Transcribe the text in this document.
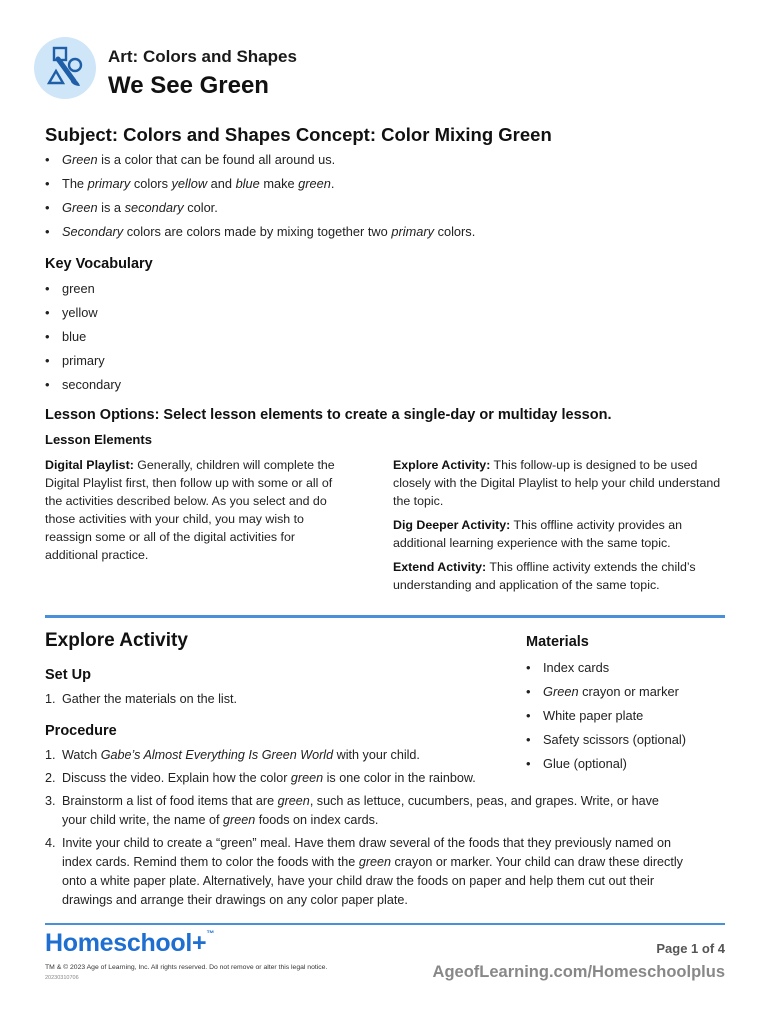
Art: Colors and Shapes
We See Green
Subject: Colors and Shapes Concept: Color Mixing Green
• Green is a color that can be found all around us.
• The primary colors yellow and blue make green.
• Green is a secondary color.
• Secondary colors are colors made by mixing together two primary colors.
Key Vocabulary
• green
• yellow
• blue
• primary
• secondary
Lesson Options: Select lesson elements to create a single-day or multiday lesson.
Lesson Elements
Digital Playlist: Generally, children will complete the Digital Playlist first, then follow up with some or all of the activities described below. As you select and do those activities with your child, you may wish to reassign some or all of the digital activities for additional practice.
Explore Activity: This follow-up is designed to be used closely with the Digital Playlist to help your child understand the topic.
Dig Deeper Activity: This offline activity provides an additional learning experience with the same topic.
Extend Activity: This offline activity extends the child’s understanding and application of the same topic.
Explore Activity
Set Up
1. Gather the materials on the list.
Procedure
1. Watch Gabe’s Almost Everything Is Green World with your child.
2. Discuss the video. Explain how the color green is one color in the rainbow.
3. Brainstorm a list of food items that are green, such as lettuce, cucumbers, peas, and grapes. Write, or have your child write, the name of green foods on index cards.
4. Invite your child to create a “green” meal. Have them draw several of the foods that they previously named on index cards. Remind them to color the foods with the green crayon or marker. Your child can draw these directly onto a white paper plate. Alternatively, have your child draw the foods on paper and help them cut out their drawings and arrange their drawings on any color paper plate.
Materials
• Index cards
• Green crayon or marker
• White paper plate
• Safety scissors (optional)
• Glue (optional)
Homeschool+™
TM & © 2023 Age of Learning, Inc. All rights reserved. Do not remove or alter this legal notice.
20230310706
Page 1 of 4
AgeofLearning.com/Homeschoolplus
